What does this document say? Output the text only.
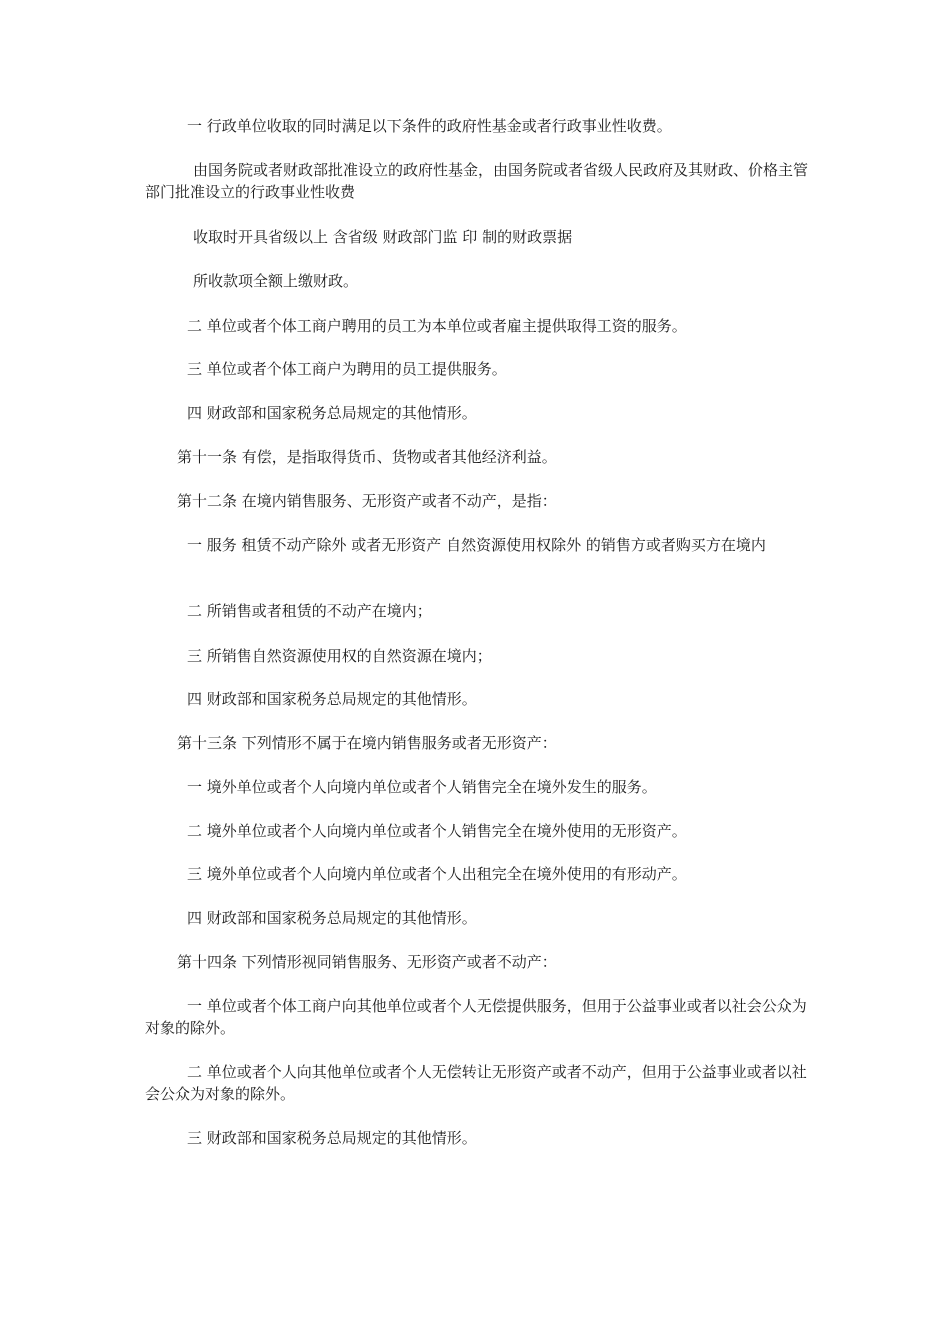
一 行政单位收取的同时满足以下条件的政府性基金或者行政事业性收费。

由国务院或者财政部批准设立的政府性基金，由国务院或者省级人民政府及其财政、价格主管部门批准设立的行政事业性收费

收取时开具省级以上 含省级 财政部门监 印 制的财政票据

所收款项全额上缴财政。

二 单位或者个体工商户聘用的员工为本单位或者雇主提供取得工资的服务。

三 单位或者个体工商户为聘用的员工提供服务。

四 财政部和国家税务总局规定的其他情形。

第十一条 有偿，是指取得货币、货物或者其他经济利益。

第十二条 在境内销售服务、无形资产或者不动产，是指：

一 服务 租赁不动产除外 或者无形资产 自然资源使用权除外 的销售方或者购买方在境内

二 所销售或者租赁的不动产在境内；

三 所销售自然资源使用权的自然资源在境内；

四 财政部和国家税务总局规定的其他情形。

第十三条 下列情形不属于在境内销售服务或者无形资产：

一 境外单位或者个人向境内单位或者个人销售完全在境外发生的服务。

二 境外单位或者个人向境内单位或者个人销售完全在境外使用的无形资产。

三 境外单位或者个人向境内单位或者个人出租完全在境外使用的有形动产。

四 财政部和国家税务总局规定的其他情形。

第十四条 下列情形视同销售服务、无形资产或者不动产：

一 单位或者个体工商户向其他单位或者个人无偿提供服务，但用于公益事业或者以社会公众为对象的除外。

二 单位或者个人向其他单位或者个人无偿转让无形资产或者不动产，但用于公益事业或者以社会公众为对象的除外。

三 财政部和国家税务总局规定的其他情形。
